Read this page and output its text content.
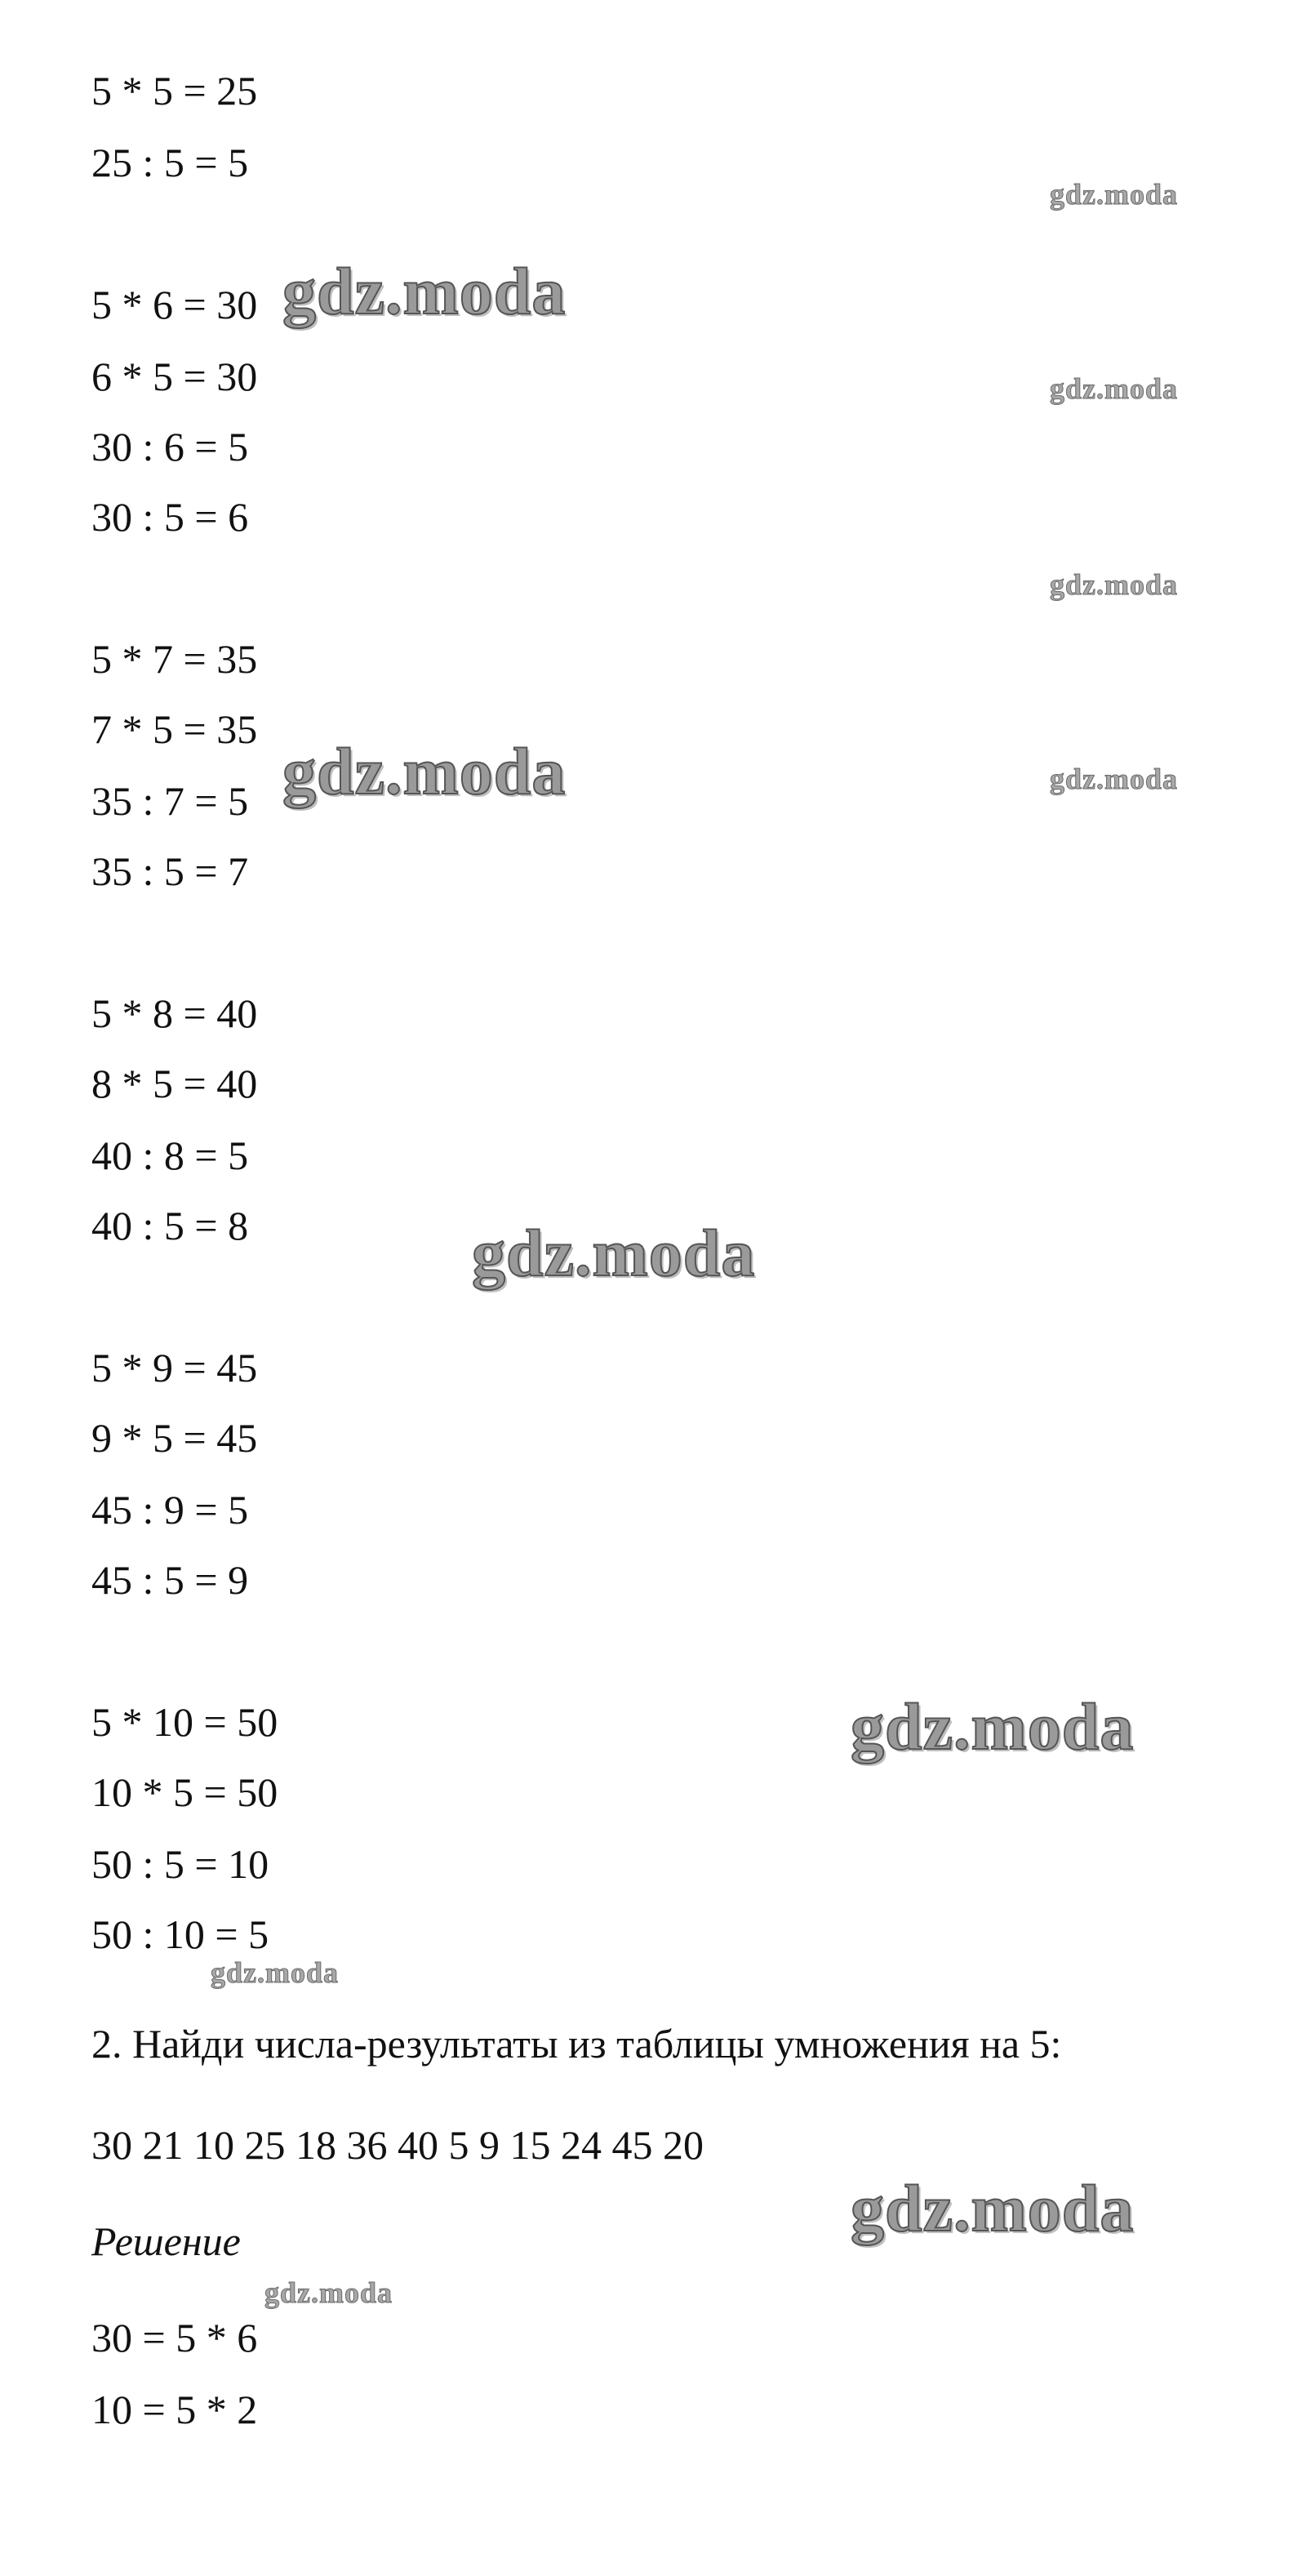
5 * 5 = 25
25 : 5 = 5
5 * 6 = 30
6 * 5 = 30
30 : 6 = 5
30 : 5 = 6
5 * 7 = 35
7 * 5 = 35
35 : 7 = 5
35 : 5 = 7
5 * 8 = 40
8 * 5 = 40
40 : 8 = 5
40 : 5 = 8
5 * 9 = 45
9 * 5 = 45
45 : 9 = 5
45 : 5 = 9
5 * 10 = 50
10 * 5 = 50
50 : 5 = 10
50 : 10 = 5
2. Найди числа-результаты из таблицы умножения на 5:
30 21 10 25 18 36 40 5 9 15 24 45 20
Решение
30 = 5 * 6
10 = 5 * 2
gdz.moda
gdz.moda
gdz.moda
gdz.moda
gdz.moda	gdz.moda
gdz.moda
gdz.moda
gdz.moda
gdz.moda
gdz.moda
